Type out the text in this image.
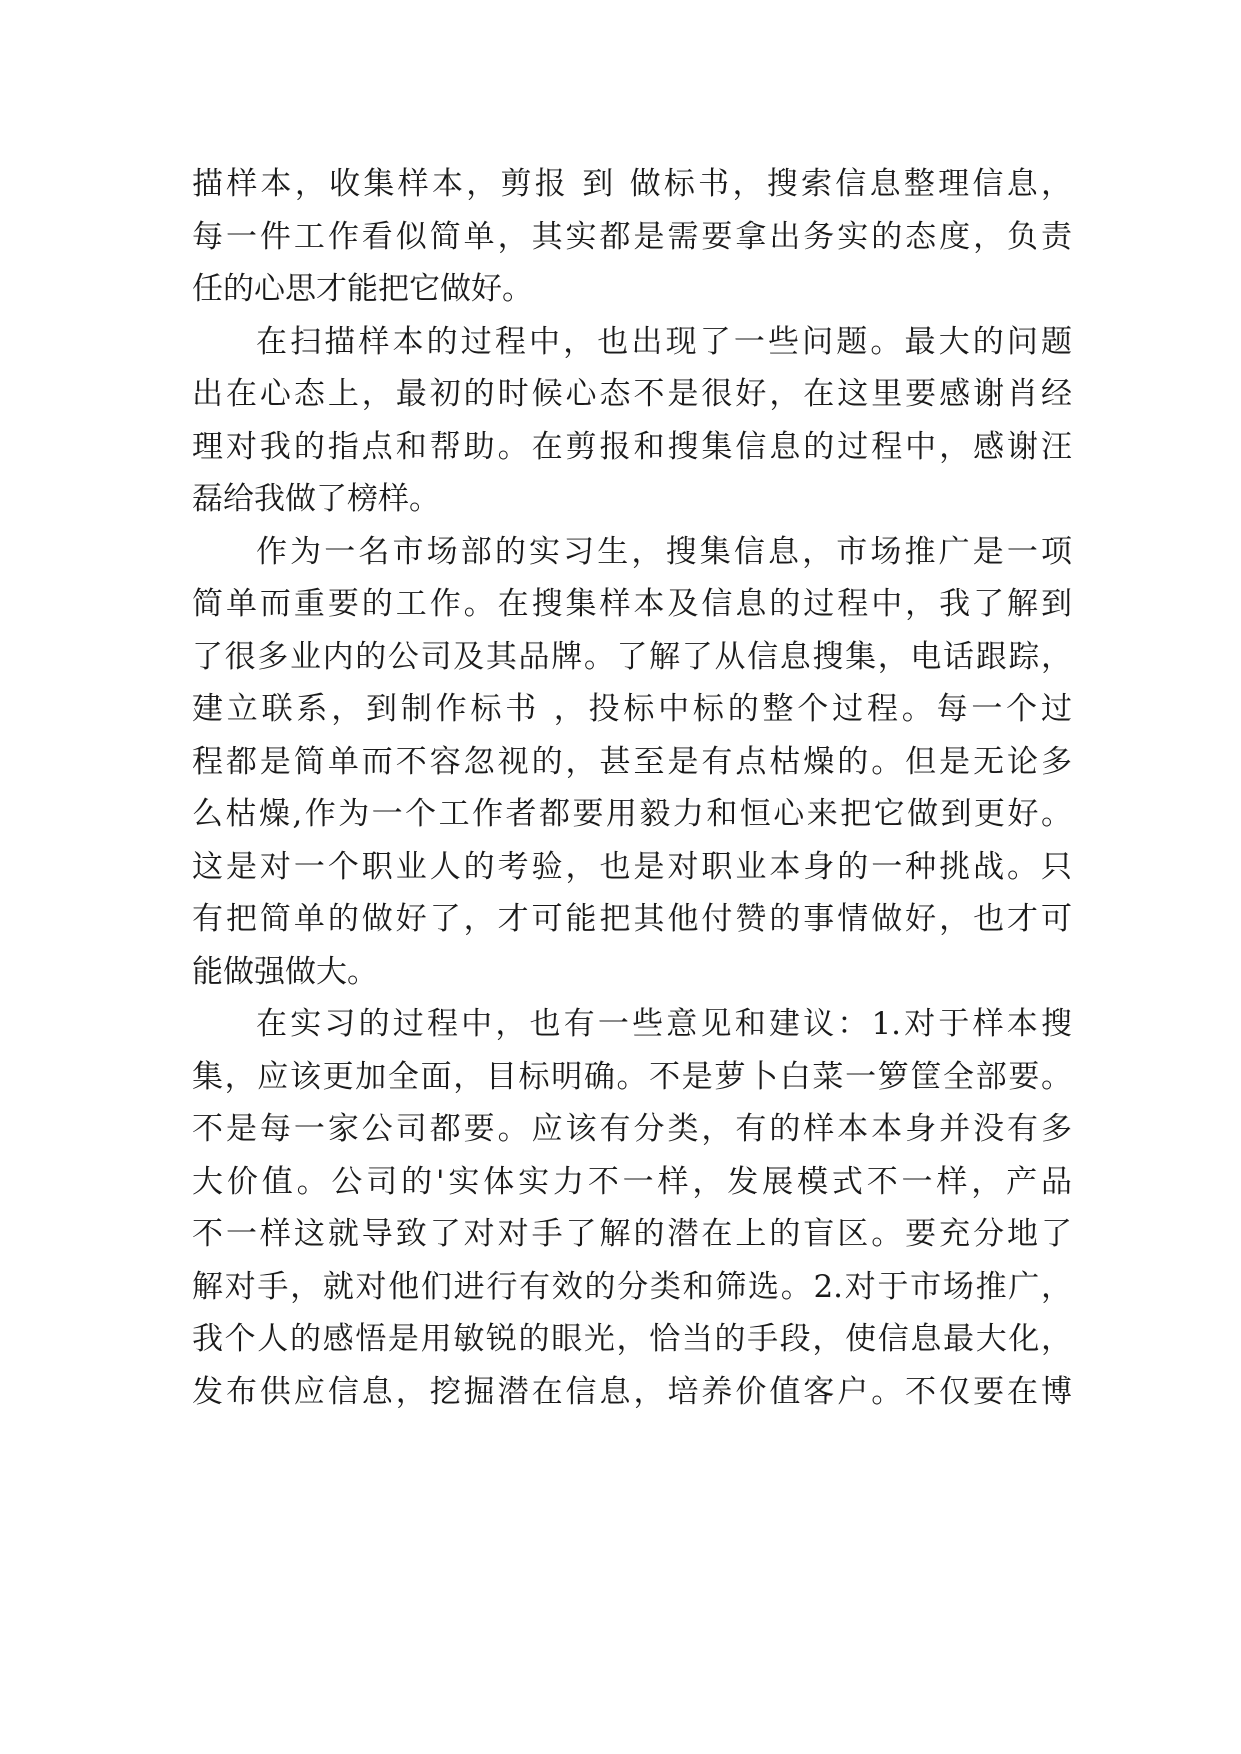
描样本，收集样本，剪报 到 做标书，搜索信息整理信息，
每一件工作看似简单，其实都是需要拿出务实的态度，负责
任的心思才能把它做好。
在扫描样本的过程中，也出现了一些问题。最大的问题
出在心态上，最初的时候心态不是很好，在这里要感谢肖经
理对我的指点和帮助。在剪报和搜集信息的过程中，感谢汪
磊给我做了榜样。
作为一名市场部的实习生，搜集信息，市场推广是一项
简单而重要的工作。在搜集样本及信息的过程中，我了解到
了很多业内的公司及其品牌。了解了从信息搜集，电话跟踪，
建立联系，到制作标书 ，投标中标的整个过程。每一个过
程都是简单而不容忽视的，甚至是有点枯燥的。但是无论多
么枯燥,作为一个工作者都要用毅力和恒心来把它做到更好。
这是对一个职业人的考验，也是对职业本身的一种挑战。只
有把简单的做好了，才可能把其他付赞的事情做好，也才可
能做强做大。
在实习的过程中，也有一些意见和建议：1.对于样本搜
集，应该更加全面，目标明确。不是萝卜白菜一箩筐全部要。
不是每一家公司都要。应该有分类，有的样本本身并没有多
大价值。公司的'实体实力不一样，发展模式不一样，产品
不一样这就导致了对对手了解的潜在上的盲区。要充分地了
解对手，就对他们进行有效的分类和筛选。2.对于市场推广，
我个人的感悟是用敏锐的眼光，恰当的手段，使信息最大化，
发布供应信息，挖掘潜在信息，培养价值客户。不仅要在博
